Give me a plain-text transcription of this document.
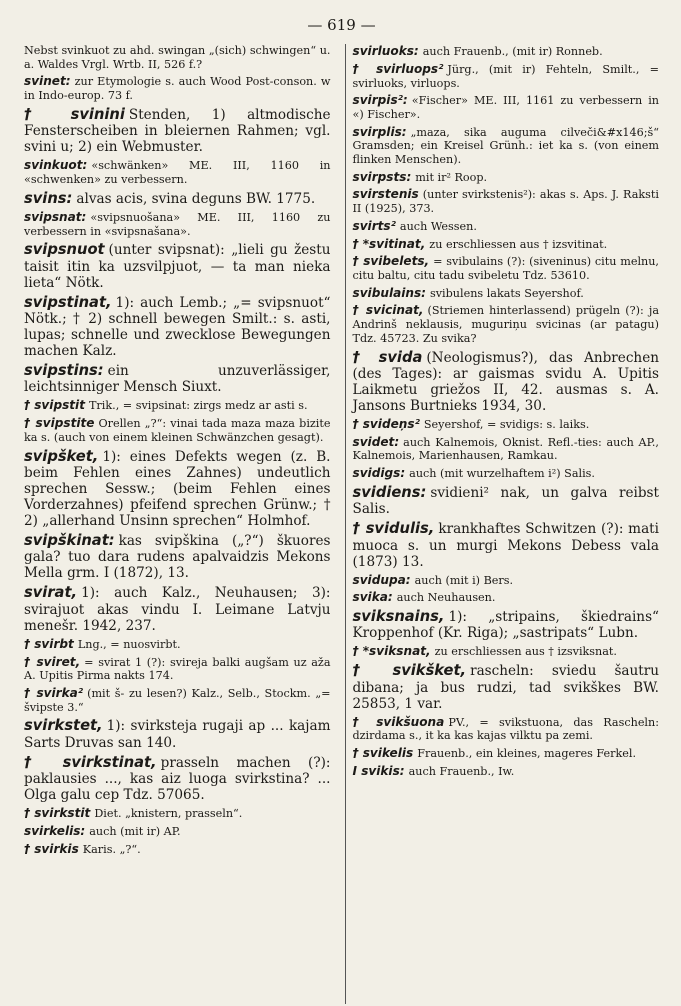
— 619 —

Nebst svinkuot zu ahd. swingan „(sich) schwingen“ u. a. Waldes Vrgl. Wrtb. II, 526 f.?

svinet: zur Etymologie s. auch Wood Post-conson. w in Indo-europ. 73 f.

† svinini Stenden, 1) altmodische Fensterscheiben in bleiernen Rahmen; vgl. svini u; 2) ein Webmuster.

svinkuot: «schwänken» ME. III, 1160 in «schwenken» zu verbessern.

svins: alvas acis, svina deguns BW. 1775.

svipsnat: «svipsnuošana» ME. III, 1160 zu verbessern in «svipsnašana».

svipsnuot (unter svipsnat): „lieli gu žestu taisit itin ka uzsvilpjuot, — ta man nieka lieta“ Nötk.

svipstinat, 1): auch Lemb.; „= svipsnuot“ Nötk.; † 2) schnell bewegen Smilt.: s. asti, lupas; schnelle und zwecklose Bewegungen machen Kalz.

svipstins: ein unzuverlässiger, leichtsinniger Mensch Siuxt.

† svipstit Trik., = svipsinat: zirgs medz ar asti s.

† svipstite Orellen „?“: vinai tada maza maza bizite ka s. (auch von einem kleinen Schwänzchen gesagt).

svipšket, 1): eines Defekts wegen (z. B. beim Fehlen eines Zahnes) undeutlich sprechen Sessw.; (beim Fehlen eines Vorderzahnes) pfeifend sprechen Grünw.; † 2) „allerhand Unsinn sprechen“ Holmhof.

svipškinat: kas svipškina („?“) škuores gala? tuo dara rudens apalvaidzis Mekons Mella grm. I (1872), 13.

svirat, 1): auch Kalz., Neuhausen; 3): svirajuot akas vindu I. Leimane Latvju menešr. 1942, 237.

† svirbt Lng., = nuosvirbt.

† sviret, = svirat 1 (?): svireja balki augšam uz aža A. Upitis Pirma nakts 174.

† svirka² (mit š- zu lesen?) Kalz., Selb., Stockm. „= švipste 3.“

svirkstet, 1): svirksteja rugaji ap ... kajam Sarts Druvas san 140.

† svirkstinat, prasseln machen (?): paklausies ..., kas aiz luoga svirkstina? ... Olga galu cep Tdz. 57065.

† svirkstit Diet. „knistern, prasseln“.

svirkelis: auch (mit ir) AP.

† svirkis Karis. „?“.

svirluoks: auch Frauenb., (mit ir) Ronneb.

† svirluops² Jürg., (mit ir) Fehteln, Smilt., = svirluoks, virluops.

svirpis²: «Fischer» ME. III, 1161 zu verbessern in «) Fischer».

svirplis: „maza, sika auguma cilveči&#x146;š“ Gramsden; ein Kreisel Grünh.: iet ka s. (von einem flinken Menschen).

svirpsts: mit ir² Roop.

svirstenis (unter svirkstenis²): akas s. Aps. J. Raksti II (1925), 373.

svirts² auch Wessen.

† *svitinat, zu erschliessen aus † izsvitinat.

† svibelets, = svibulains (?): (siveninus) citu melnu, citu baltu, citu tadu svibeletu Tdz. 53610.

svibulains: svibulens lakats Seyershof.

† svicinat, (Striemen hinterlassend) prügeln (?): ja Andrinš neklausis, muguriņu svicinas (ar patagu) Tdz. 45723. Zu svika?

† svida (Neologismus?), das Anbrechen (des Tages): ar gaismas svidu A. Upitis Laikmetu griežos II, 42. ausmas s. A. Jansons Burtnieks 1934, 30.

† svideņs² Seyershof, = svidigs: s. laiks.

svidet: auch Kalnemois, Oknist. Refl.-ties: auch AP., Kalnemois, Marienhausen, Ramkau.

svidigs: auch (mit wurzelhaftem i²) Salis.

svidiens: svidieni² nak, un galva reibst Salis.

† svidulis, krankhaftes Schwitzen (?): mati muoca s. un murgi Mekons Debess vala (1873) 13.

svidupa: auch (mit i) Bers.

svika: auch Neuhausen.

sviksnains, 1): „stripains, škiedrains“ Kroppenhof (Kr. Riga); „sastripats“ Lubn.

† *sviksnat, zu erschliessen aus † izsviksnat.

† svikšket, rascheln: sviedu šautru dibana; ja bus rudzi, tad svikškes BW. 25853, 1 var.

† svikšuona PV., = svikstuona, das Rascheln: dzirdama s., it ka kas kajas vilktu pa zemi.

† svikelis Frauenb., ein kleines, mageres Ferkel.

I svikis: auch Frauenb., Iw.
